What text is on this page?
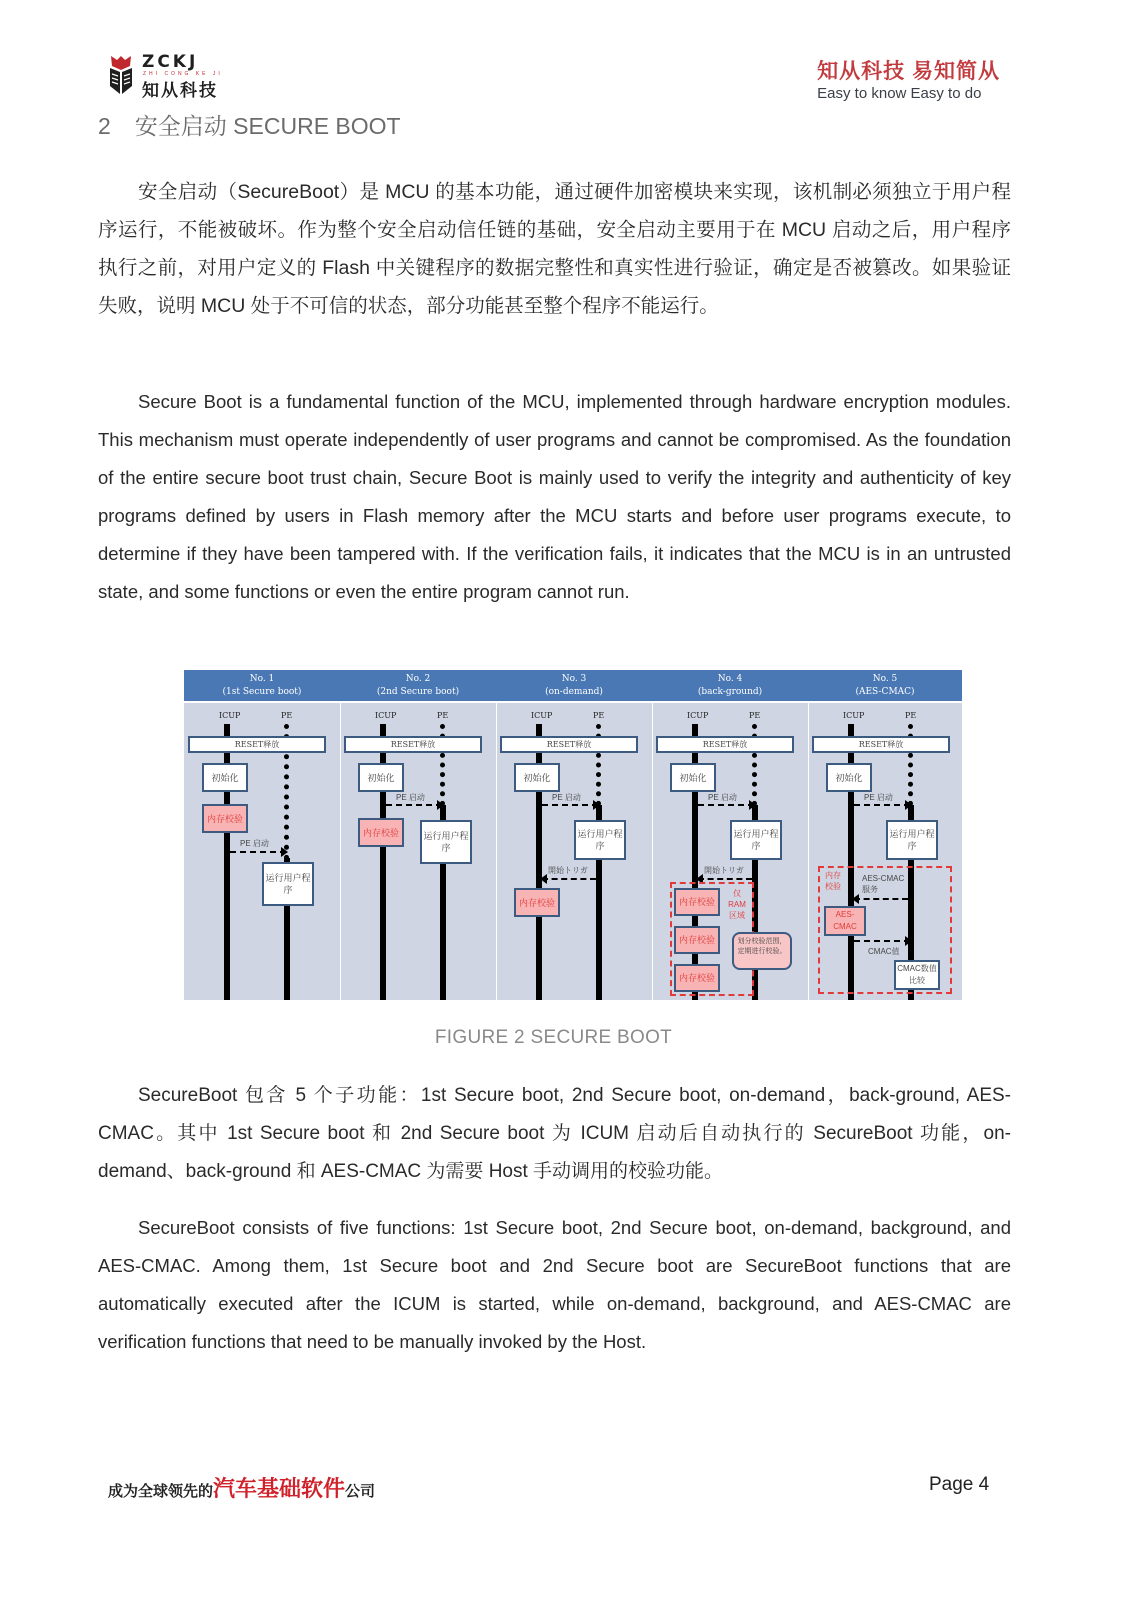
ZCKJ
ZHI CONG KE JI
知从科技
知从科技 易知简从
Easy to know Easy to do
2 安全启动 SECURE BOOT
安全启动（SecureBoot）是 MCU 的基本功能，通过硬件加密模块来实现，该机制必须独立于用户程序运行，不能被破坏。作为整个安全启动信任链的基础，安全启动主要用于在 MCU 启动之后，用户程序执行之前，对用户定义的 Flash 中关键程序的数据完整性和真实性进行验证，确定是否被篡改。如果验证失败，说明 MCU 处于不可信的状态，部分功能甚至整个程序不能运行。
Secure Boot is a fundamental function of the MCU, implemented through hardware encryption modules. This mechanism must operate independently of user programs and cannot be compromised. As the foundation of the entire secure boot trust chain, Secure Boot is mainly used to verify the integrity and authenticity of key programs defined by users in Flash memory after the MCU starts and before user programs execute, to determine if they have been tampered with. If the verification fails, it indicates that the MCU is in an untrusted state, and some functions or even the entire program cannot run.
No. 1
(1st Secure boot)
ICUP	PE
RESET释放
初始化
内存校验
PE 启动
运行用户程序
No. 2
(2nd Secure boot)
ICUP	PE
RESET释放
初始化
PE 启动
内存校验	运行用户程序
No. 3
(on-demand)
ICUP	PE
RESET释放
初始化
PE 启动
运行用户程序
開始トリガ
内存校验
No. 4
(back-ground)
ICUP	PE
RESET释放
初始化
PE 启动
运行用户程序
開始トリガ
内存校验
仅 RAM 区域
内存校验	划分校验范围，定期进行校验。
内存校验
No. 5
(AES-CMAC)
ICUP	PE
RESET释放
初始化
PE 启动
运行用户程序
内存校验
AES-CMAC 服务
AES-CMAC
CMAC值
CMAC数值比较
FIGURE 2 SECURE BOOT
SecureBoot 包含 5 个子功能：1st Secure boot, 2nd Secure boot, on-demand，back-ground, AES-CMAC。其中 1st Secure boot 和 2nd Secure boot 为 ICUM 启动后自动执行的 SecureBoot 功能，on-demand、back-ground 和 AES-CMAC 为需要 Host 手动调用的校验功能。
SecureBoot consists of five functions: 1st Secure boot, 2nd Secure boot, on-demand, background, and AES-CMAC. Among them, 1st Secure boot and 2nd Secure boot are SecureBoot functions that are automatically executed after the ICUM is started, while on-demand, background, and AES-CMAC are verification functions that need to be manually invoked by the Host.
成为全球领先的汽车基础软件公司	Page 4
